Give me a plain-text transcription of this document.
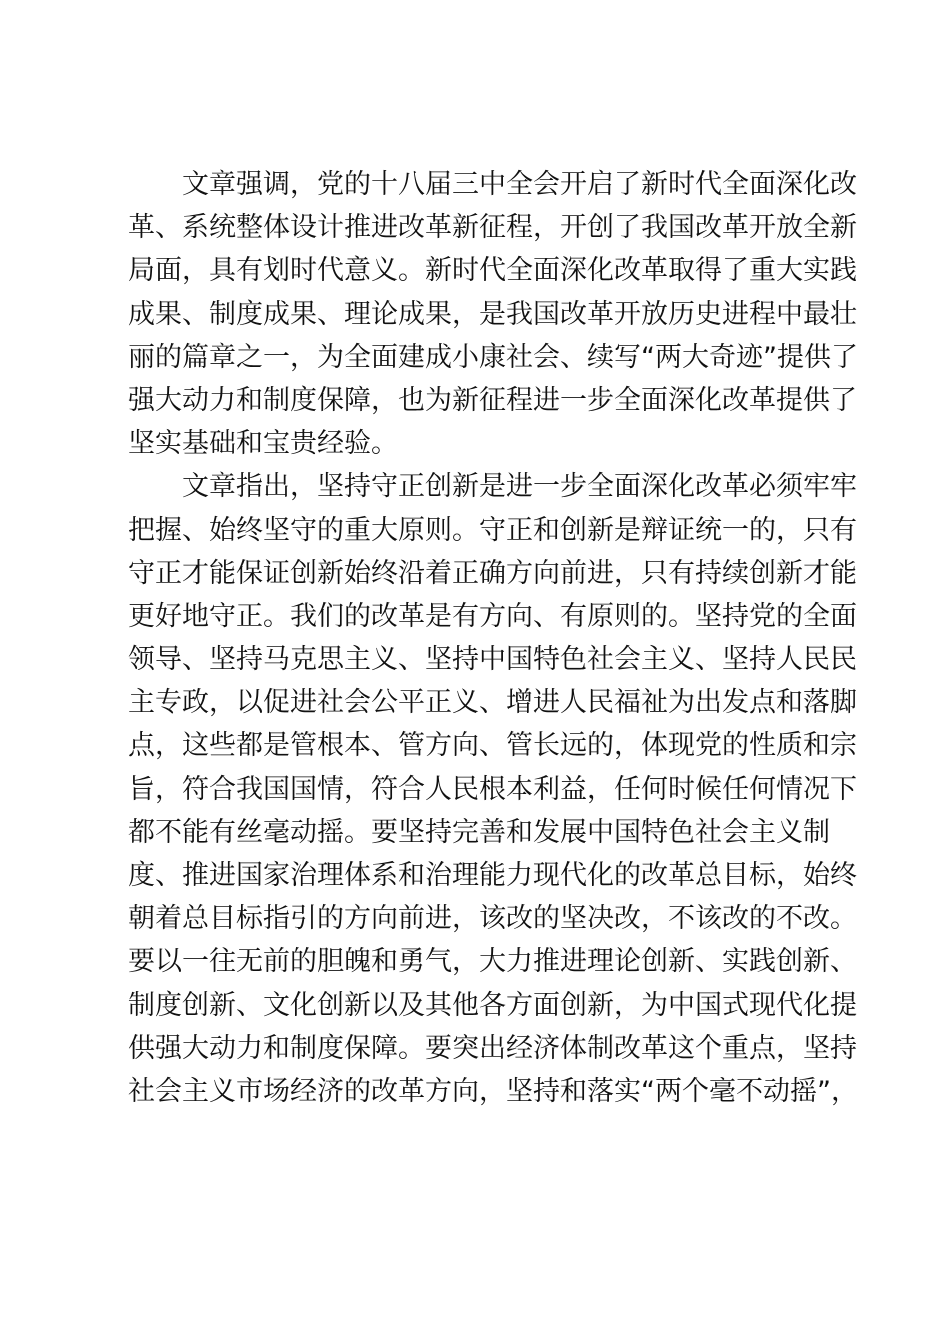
文章强调，党的十八届三中全会开启了新时代全面深化改
革、系统整体设计推进改革新征程，开创了我国改革开放全新
局面，具有划时代意义。新时代全面深化改革取得了重大实践
成果、制度成果、理论成果，是我国改革开放历史进程中最壮
丽的篇章之一，为全面建成小康社会、续写“两大奇迹”提供了
强大动力和制度保障，也为新征程进一步全面深化改革提供了
坚实基础和宝贵经验。

文章指出，坚持守正创新是进一步全面深化改革必须牢牢
把握、始终坚守的重大原则。守正和创新是辩证统一的，只有
守正才能保证创新始终沿着正确方向前进，只有持续创新才能
更好地守正。我们的改革是有方向、有原则的。坚持党的全面
领导、坚持马克思主义、坚持中国特色社会主义、坚持人民民
主专政，以促进社会公平正义、增进人民福祉为出发点和落脚
点，这些都是管根本、管方向、管长远的，体现党的性质和宗
旨，符合我国国情，符合人民根本利益，任何时候任何情况下
都不能有丝毫动摇。要坚持完善和发展中国特色社会主义制
度、推进国家治理体系和治理能力现代化的改革总目标，始终
朝着总目标指引的方向前进，该改的坚决改，不该改的不改。
要以一往无前的胆魄和勇气，大力推进理论创新、实践创新、
制度创新、文化创新以及其他各方面创新，为中国式现代化提
供强大动力和制度保障。要突出经济体制改革这个重点，坚持
社会主义市场经济的改革方向，坚持和落实“两个毫不动摇”，
